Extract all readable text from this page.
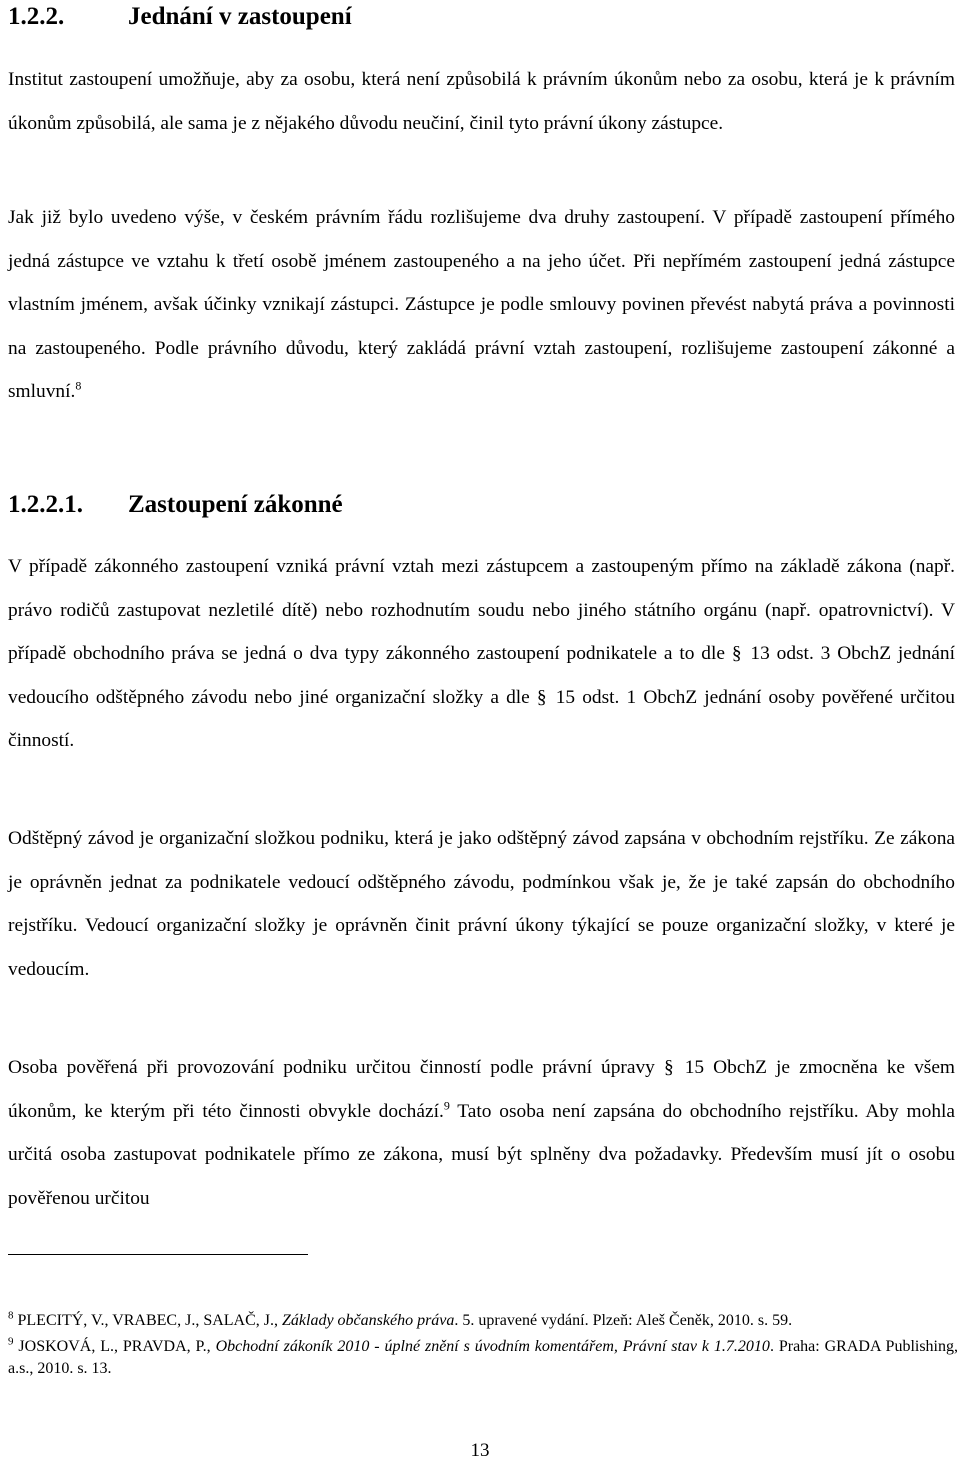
1.2.2.	Jednání v zastoupení

Institut zastoupení umožňuje, aby za osobu, která není způsobilá k právním úkonům nebo za osobu, která je k právním úkonům způsobilá, ale sama je z nějakého důvodu neučiní, činil tyto právní úkony zástupce.

Jak již bylo uvedeno výše, v českém právním řádu rozlišujeme dva druhy zastoupení. V případě zastoupení přímého jedná zástupce ve vztahu k třetí osobě jménem zastoupeného a na jeho účet. Při nepřímém zastoupení jedná zástupce vlastním jménem, avšak účinky vznikají zástupci. Zástupce je podle smlouvy povinen převést nabytá práva a povinnosti na zastoupeného. Podle právního důvodu, který zakládá právní vztah zastoupení, rozlišujeme zastoupení zákonné a smluvní.$^8$

1.2.2.1. Zastoupení zákonné

V případě zákonného zastoupení vzniká právní vztah mezi zástupcem a zastoupeným přímo na základě zákona (např. právo rodičů zastupovat nezletilé dítě) nebo rozhodnutím soudu nebo jiného státního orgánu (např. opatrovnictví). V případě obchodního práva se jedná o dva typy zákonného zastoupení podnikatele a to dle § 13 odst. 3 ObchZ jednání vedoucího odštěpného závodu nebo jiné organizační složky a dle § 15 odst. 1 ObchZ jednání osoby pověřené určitou činností.

Odštěpný závod je organizační složkou podniku, která je jako odštěpný závod zapsána v obchodním rejstříku. Ze zákona je oprávněn jednat za podnikatele vedoucí odštěpného závodu, podmínkou však je, že je také zapsán do obchodního rejstříku. Vedoucí organizační složky je oprávněn činit právní úkony týkající se pouze organizační složky, v které je vedoucím.

Osoba pověřená při provozování podniku určitou činností podle právní úpravy § 15 ObchZ je zmocněna ke všem úkonům, ke kterým při této činnosti obvykle dochází.$^9$ Tato osoba není zapsána do obchodního rejstříku. Aby mohla určitá osoba zastupovat podnikatele přímo ze zákona, musí být splněny dva požadavky. Především musí jít o osobu pověřenou určitou

$^8$ PLECITÝ, V., VRABEC, J., SALAČ, J., Základy občanského práva. 5. upravené vydání. Plzeň: Aleš Čeněk, 2010. s. 59.

$^9$ JOSKOVÁ, L., PRAVDA, P., Obchodní zákoník 2010 - úplné znění s úvodním komentářem, Právní stav k 1.7.2010. Praha: GRADA Publishing, a.s., 2010. s. 13.

13
